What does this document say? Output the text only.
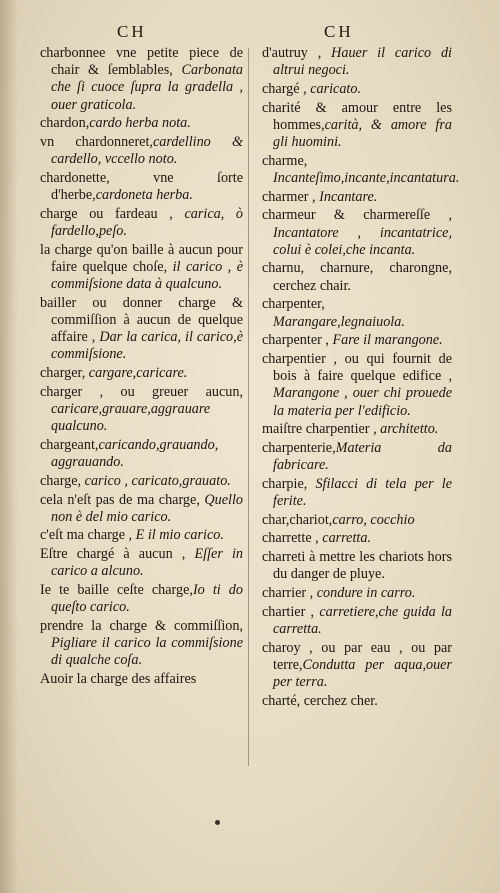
CH	CH

charbonnee vne petite piece de chair & ſemblables, Carbonata che ſi cuoce ſupra la gradella , ouer graticola.

chardon,cardo herba nota.

vn chardonneret,cardellino & cardello, vccello noto.

chardonette, vne ſorte d'herbe,cardoneta herba.

charge ou fardeau , carica, ò fardello,peſo.

la charge qu'on baille à aucun pour faire quelque choſe, il carico , è commiſsione data à qualcuno.

bailler ou donner charge & commiſſion à aucun de quelque affaire , Dar la carica, il carico,è commiſsione.

charger, cargare,caricare.

charger , ou greuer aucun, caricare,grauare,aggrauare qualcuno.

chargeant,caricando,grauando, aggrauando.

charge, carico , caricato,grauato.

cela n'eſt pas de ma charge, Quello non è del mio carico.

c'eſt ma charge , E il mio carico.

Eſtre chargé à aucun , Eſſer in carico a alcuno.

Ie te baille ceſte charge,Io ti do queſto carico.

prendre la charge & commiſſion, Pigliare il carico la commiſsione di qualche coſa.

Auoir la charge des affaires

d'autruy , Hauer il carico di altrui negoci.

chargé , caricato.

charité & amour entre les hommes,carità, & amore fra gli huomini.

charme, Incanteſimo,incante,incantatura.

charmer , Incantare.

charmeur & charmereſſe , Incantatore , incantatrice, colui è colei,che incanta.

charnu, charnure, charongne, cerchez chair.

charpenter, Marangare,legnaiuola.

charpenter , Fare il marangone.

charpentier , ou qui fournit de bois à faire quelque edifice , Marangone , ouer chi prouede la materia per l'edificio.

maiſtre charpentier , architetto.

charpenterie,Materia da fabricare.

charpie, Sfilacci di tela per le ferite.

char,chariot,carro, cocchio

charrette , carretta.

charreti à mettre les chariots hors du danger de pluye.

charrier , condure in carro.

chartier , carretiere,che guida la carretta.

charoy , ou par eau , ou par terre,Condutta per aqua,ouer per terra.

charté, cerchez cher.
